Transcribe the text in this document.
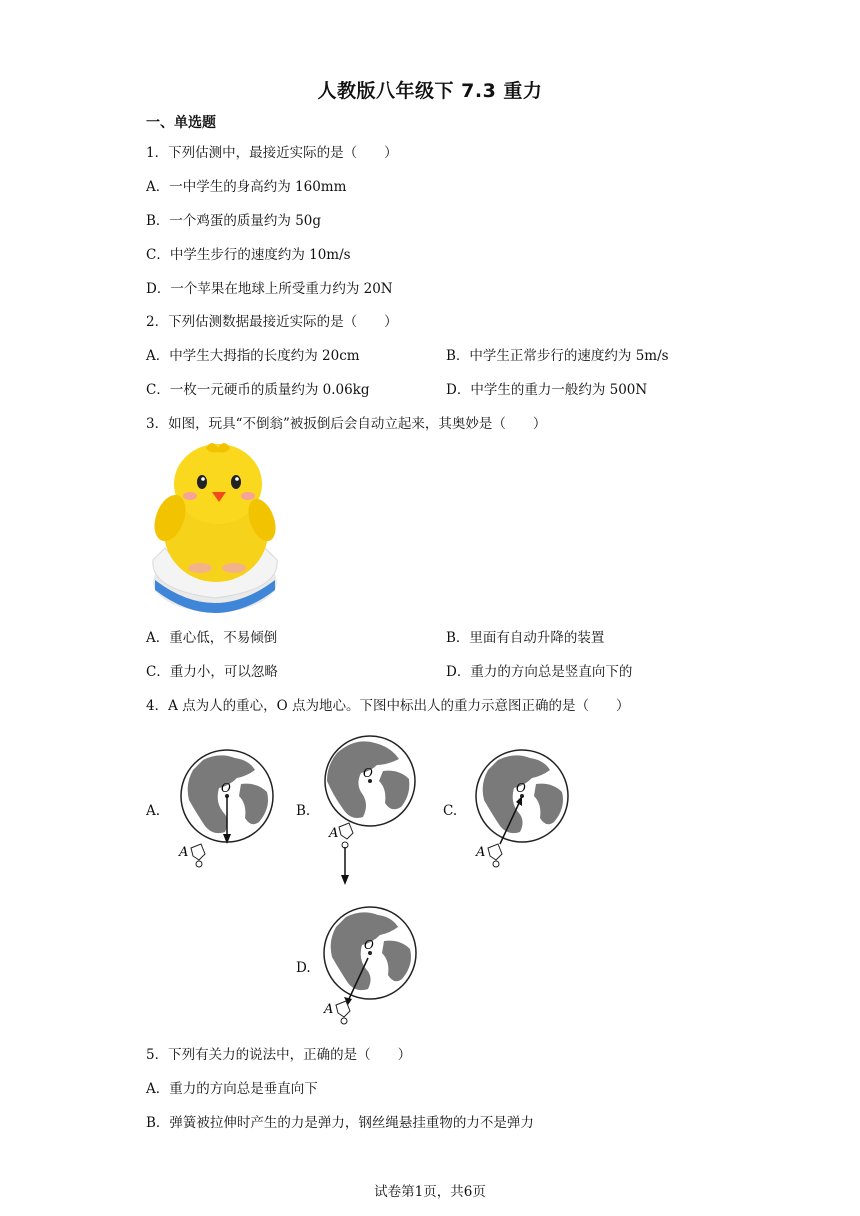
人教版八年级下 7.3 重力
一、单选题
1．下列估测中，最接近实际的是（　　）
A．一中学生的身高约为 160mm
B．一个鸡蛋的质量约为 50g
C．中学生步行的速度约为 10m/s
D．一个苹果在地球上所受重力约为 20N
2．下列估测数据最接近实际的是（　　）
A．中学生大拇指的长度约为 20cm	B．中学生正常步行的速度约为 5m/s
C．一枚一元硬币的质量约为 0.06kg	D．中学生的重力一般约为 500N
3．如图，玩具“不倒翁”被扳倒后会自动立起来，其奥妙是（　　）
A．重心低，不易倾倒	B．里面有自动升降的装置
C．重力小，可以忽略	D．重力的方向总是竖直向下的
4．A 点为人的重心，O 点为地心。下图中标出人的重力示意图正确的是（　　）
A.	B.	C.
D.
O
A
O
A
O
A
O
A
5．下列有关力的说法中，正确的是（　　）
A．重力的方向总是垂直向下
B．弹簧被拉伸时产生的力是弹力，钢丝绳悬挂重物的力不是弹力
试卷第1页，共6页
